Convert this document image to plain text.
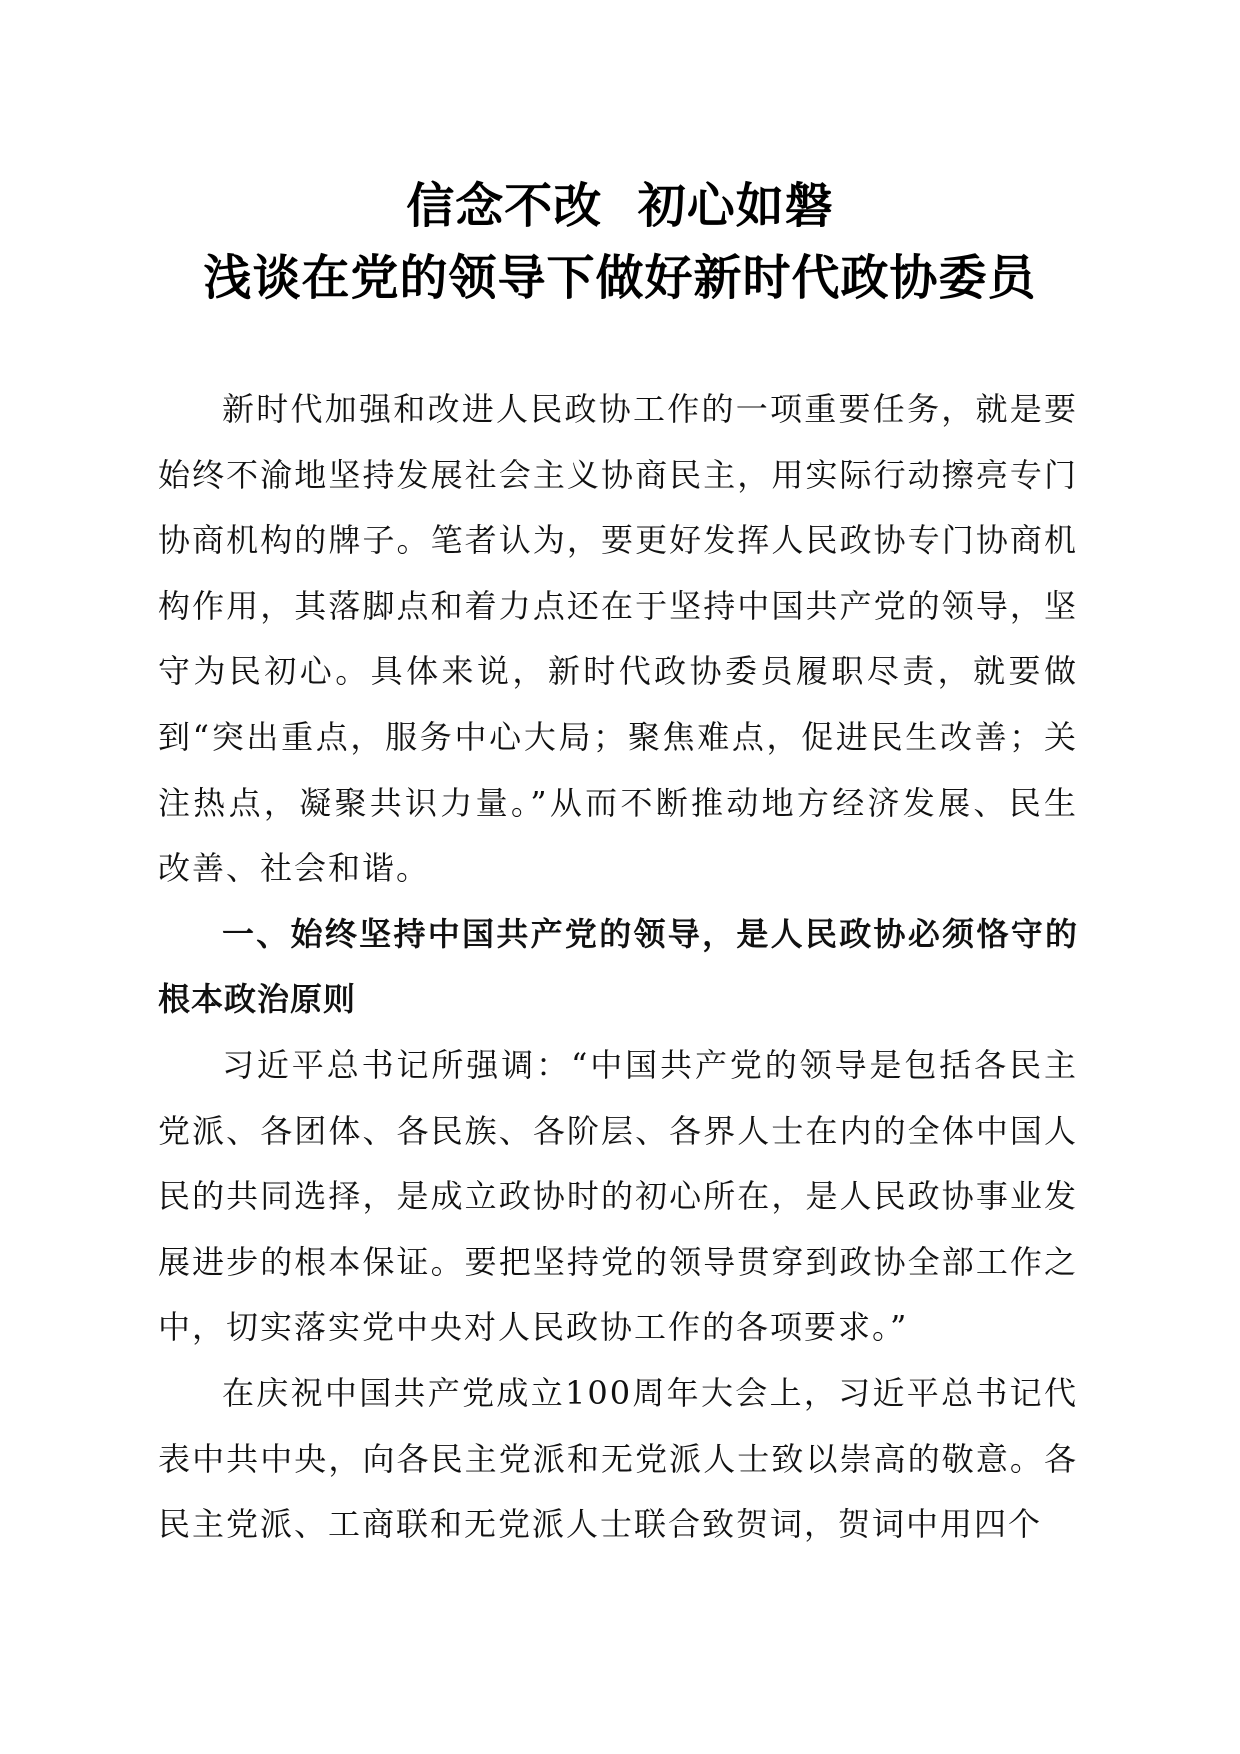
信念不改  初心如磐
浅谈在党的领导下做好新时代政协委员

新时代加强和改进人民政协工作的一项重要任务，就是要始终不渝地坚持发展社会主义协商民主，用实际行动擦亮专门协商机构的牌子。笔者认为，要更好发挥人民政协专门协商机构作用，其落脚点和着力点还在于坚持中国共产党的领导，坚守为民初心。具体来说，新时代政协委员履职尽责，就要做到“突出重点，服务中心大局；聚焦难点，促进民生改善；关注热点，凝聚共识力量。”从而不断推动地方经济发展、民生改善、社会和谐。

一、始终坚持中国共产党的领导，是人民政协必须恪守的根本政治原则

习近平总书记所强调：“中国共产党的领导是包括各民主党派、各团体、各民族、各阶层、各界人士在内的全体中国人民的共同选择，是成立政协时的初心所在，是人民政协事业发展进步的根本保证。要把坚持党的领导贯穿到政协全部工作之中，切实落实党中央对人民政协工作的各项要求。”

在庆祝中国共产党成立100周年大会上，习近平总书记代表中共中央，向各民主党派和无党派人士致以崇高的敬意。各民主党派、工商联和无党派人士联合致贺词，贺词中用四个
